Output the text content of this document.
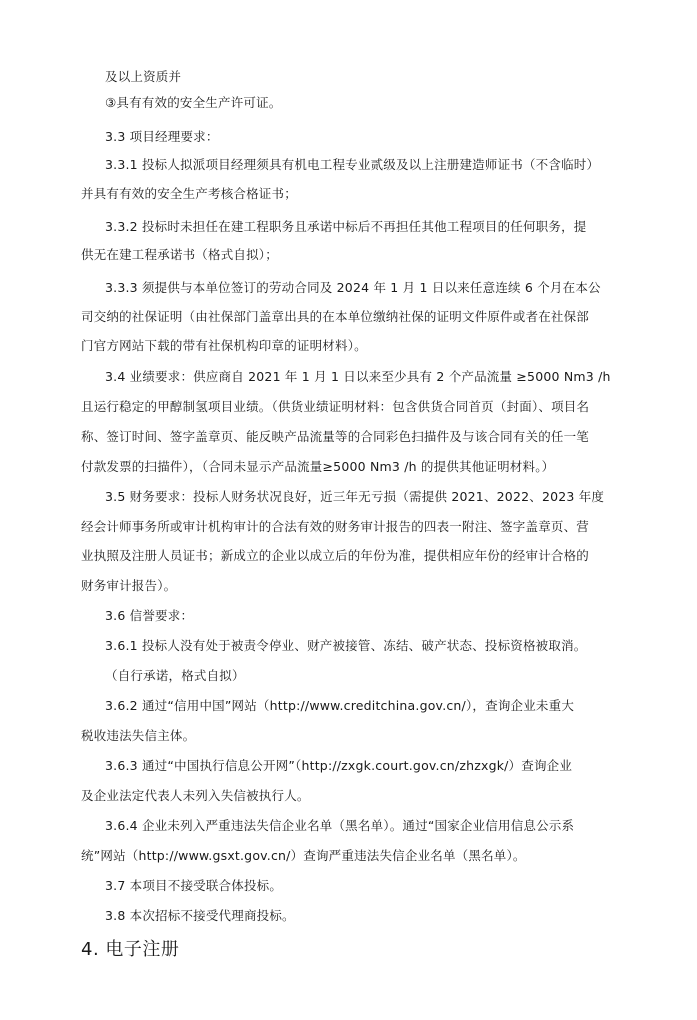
及以上资质并
③具有有效的安全生产许可证。
3.3 项目经理要求：
3.3.1 投标人拟派项目经理须具有机电工程专业贰级及以上注册建造师证书（不含临时）
并具有有效的安全生产考核合格证书；
3.3.2 投标时未担任在建工程职务且承诺中标后不再担任其他工程项目的任何职务，提
供无在建工程承诺书（格式自拟）；
3.3.3 须提供与本单位签订的劳动合同及 2024 年 1 月 1 日以来任意连续 6 个月在本公
司交纳的社保证明（由社保部门盖章出具的在本单位缴纳社保的证明文件原件或者在社保部
门官方网站下载的带有社保机构印章的证明材料）。
3.4 业绩要求：供应商自 2021 年 1 月 1 日以来至少具有 2 个产品流量 ≥5000 Nm3 /h
且运行稳定的甲醇制氢项目业绩。（供货业绩证明材料：包含供货合同首页（封面）、项目名
称、签订时间、签字盖章页、能反映产品流量等的合同彩色扫描件及与该合同有关的任一笔
付款发票的扫描件），（合同未显示产品流量≥5000 Nm3 /h 的提供其他证明材料。）
3.5 财务要求：投标人财务状况良好，近三年无亏损（需提供 2021、2022、2023 年度
经会计师事务所或审计机构审计的合法有效的财务审计报告的四表一附注、签字盖章页、营
业执照及注册人员证书；新成立的企业以成立后的年份为准，提供相应年份的经审计合格的
财务审计报告）。
3.6 信誉要求：
3.6.1 投标人没有处于被责令停业、财产被接管、冻结、破产状态、投标资格被取消。
（自行承诺，格式自拟）
3.6.2 通过“信用中国”网站（http://www.creditchina.gov.cn/），查询企业未重大
税收违法失信主体。
3.6.3 通过“中国执行信息公开网”（http://zxgk.court.gov.cn/zhzxgk/）查询企业
及企业法定代表人未列入失信被执行人。
3.6.4 企业未列入严重违法失信企业名单（黑名单）。通过“国家企业信用信息公示系
统”网站（http://www.gsxt.gov.cn/）查询严重违法失信企业名单（黑名单）。
3.7 本项目不接受联合体投标。
3.8 本次招标不接受代理商投标。
4. 电子注册
